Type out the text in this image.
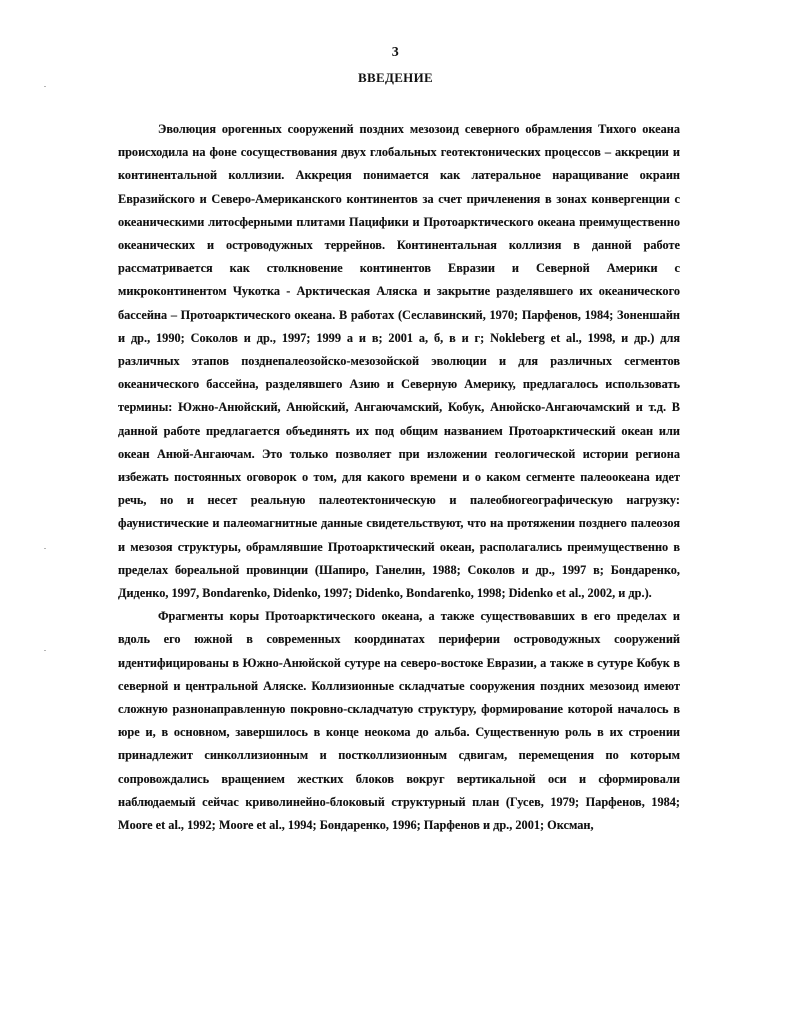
3
ВВЕДЕНИЕ

Эволюция орогенных сооружений поздних мезозоид северного обрамления Тихого океана происходила на фоне сосуществования двух глобальных геотектонических процессов – аккреции и континентальной коллизии. Аккреция понимается как латеральное наращивание окраин Евразийского и Северо-Американского континентов за счет причленения в зонах конвергенции с океаническими литосферными плитами Пацифики и Протоарктического океана преимущественно океанических и островодужных террейнов. Континентальная коллизия в данной работе рассматривается как столкновение континентов Евразии и Северной Америки с микроконтинентом Чукотка - Арктическая Аляска и закрытие разделявшего их океанического бассейна – Протоарктического океана. В работах (Сеславинский, 1970; Парфенов, 1984; Зоненшайн и др., 1990; Соколов и др., 1997; 1999 а и в; 2001 а, б, в и г; Nokleberg et al., 1998, и др.) для различных этапов позднепалеозойско-мезозойской эволюции и для различных сегментов океанического бассейна, разделявшего Азию и Северную Америку, предлагалось использовать термины: Южно-Анюйский, Анюйский, Ангаючамский, Кобук, Анюйско-Ангаючамский и т.д. В данной работе предлагается объединять их под общим названием Протоарктический океан или океан Анюй-Ангаючам. Это только позволяет при изложении геологической истории региона избежать постоянных оговорок о том, для какого времени и о каком сегменте палеоокеана идет речь, но и несет реальную палеотектоническую и палеобиогеографическую нагрузку: фаунистические и палеомагнитные данные свидетельствуют, что на протяжении позднего палеозоя и мезозоя структуры, обрамлявшие Протоарктический океан, располагались преимущественно в пределах бореальной провинции (Шапиро, Ганелин, 1988; Соколов и др., 1997 в; Бондаренко, Диденко, 1997, Bondarenko, Didenko, 1997; Didenko, Bondarenko, 1998; Didenko et al., 2002, и др.).

Фрагменты коры Протоарктического океана, а также существовавших в его пределах и вдоль его южной в современных координатах периферии островодужных сооружений идентифицированы в Южно-Анюйской сутуре на северо-востоке Евразии, а также в сутуре Кобук в северной и центральной Аляске. Коллизионные складчатые сооружения поздних мезозоид имеют сложную разнонаправленную покровно-складчатую структуру, формирование которой началось в юре и, в основном, завершилось в конце неокома до альба. Существенную роль в их строении принадлежит синколлизионным и постколлизионным сдвигам, перемещения по которым сопровождались вращением жестких блоков вокруг вертикальной оси и сформировали наблюдаемый сейчас криволинейно-блоковый структурный план (Гусев, 1979; Парфенов, 1984; Moore et al., 1992; Moore et al., 1994; Бондаренко, 1996; Парфенов и др., 2001; Оксман,
